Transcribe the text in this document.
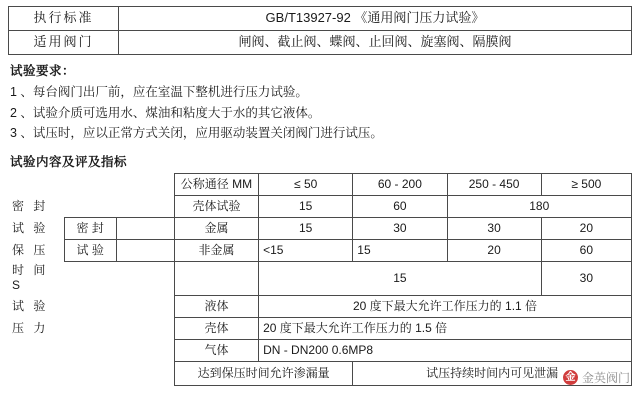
执行标准	GB/T13927-92 《通用阀门压力试验》
适用阀门	闸阀、截止阀、蝶阀、止回阀、旋塞阀、隔膜阀
试验要求：
1 、每台阀门出厂前，应在室温下整机进行压力试验。
2 、试验介质可选用水、煤油和粘度大于水的其它液体。
3 、试压时，应以正常方式关闭，应用驱动装置关闭阀门进行试压。
试验内容及评及指标
			公称通径 MM	≤ 50	60 - 200	250 - 450	≥ 500
密 封			壳体试验	15	60	180	
试 验	密 封		金属	15	30	30	20
保 压	试 验		非金属	<15	15	20	60
时 间 S				15			30
试 验			液体	20 度下最大允许工作压力的 1.1 倍			
压 力			壳体	20 度下最大允许工作压力的 1.5 倍			
			气体	DN - DN200 0.6MP8			
			达到保压时间允许渗漏量		试压持续时间内可见泄漏		金 金英阀门
